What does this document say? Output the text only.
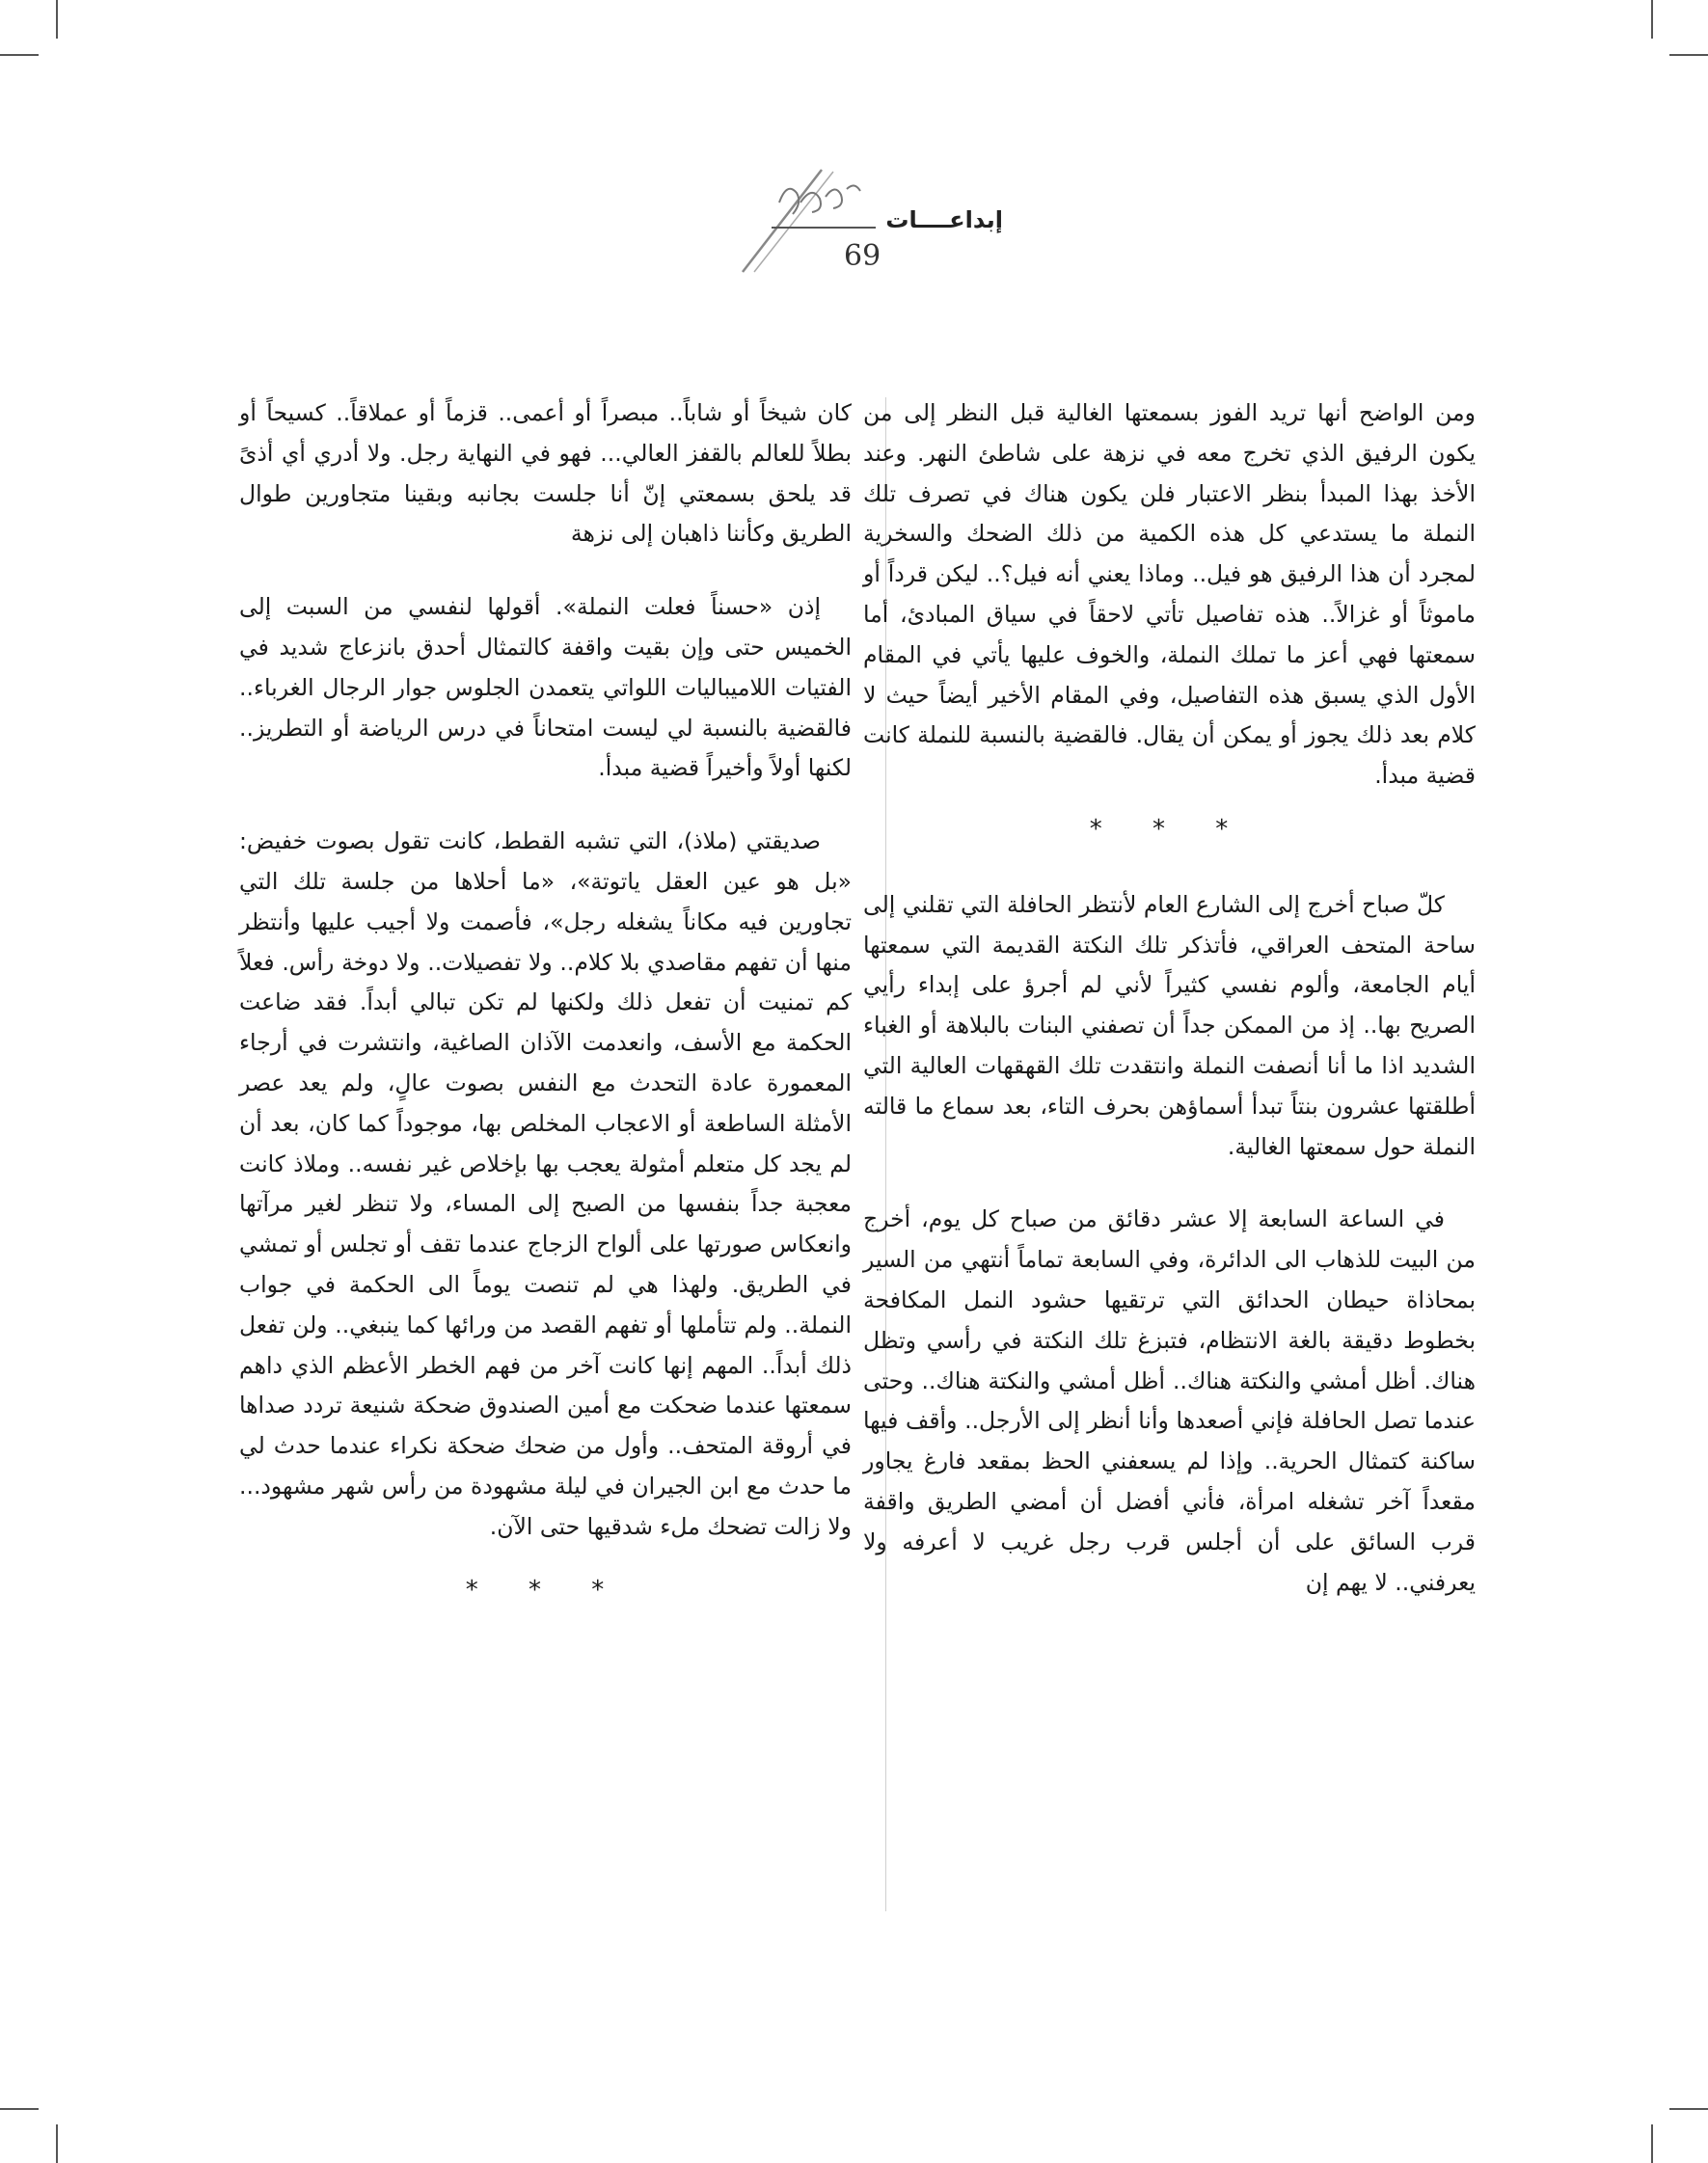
إبداعــــات
69

ومن الواضح أنها تريد الفوز بسمعتها الغالية قبل النظر إلى من يكون الرفيق الذي تخرج معه في نزهة على شاطئ النهر. وعند الأخذ بهذا المبدأ بنظر الاعتبار فلن يكون هناك في تصرف تلك النملة ما يستدعي كل هذه الكمية من ذلك الضحك والسخرية لمجرد أن هذا الرفيق هو فيل.. وماذا يعني أنه فيل؟.. ليكن قرداً أو ماموثاً أو غزالاً.. هذه تفاصيل تأتي لاحقاً في سياق المبادئ، أما سمعتها فهي أعز ما تملك النملة، والخوف عليها يأتي في المقام الأول الذي يسبق هذه التفاصيل، وفي المقام الأخير أيضاً حيث لا كلام بعد ذلك يجوز أو يمكن أن يقال. فالقضية بالنسبة للنملة كانت قضية مبدأ.

* * *

كلّ صباح أخرج إلى الشارع العام لأنتظر الحافلة التي تقلني إلى ساحة المتحف العراقي، فأتذكر تلك النكتة القديمة التي سمعتها أيام الجامعة، وألوم نفسي كثيراً لأني لم أجرؤ على إبداء رأيي الصريح بها.. إذ من الممكن جداً أن تصفني البنات بالبلاهة أو الغباء الشديد اذا ما أنا أنصفت النملة وانتقدت تلك القهقهات العالية التي أطلقتها عشرون بنتاً تبدأ أسماؤهن بحرف التاء، بعد سماع ما قالته النملة حول سمعتها الغالية.

في الساعة السابعة إلا عشر دقائق من صباح كل يوم، أخرج من البيت للذهاب الى الدائرة، وفي السابعة تماماً أنتهي من السير بمحاذاة حيطان الحدائق التي ترتقيها حشود النمل المكافحة بخطوط دقيقة بالغة الانتظام، فتبزغ تلك النكتة في رأسي وتظل هناك. أظل أمشي والنكتة هناك.. أظل أمشي والنكتة هناك.. وحتى عندما تصل الحافلة فإني أصعدها وأنا أنظر إلى الأرجل.. وأقف فيها ساكنة كتمثال الحرية.. وإذا لم يسعفني الحظ بمقعد فارغ يجاور مقعداً آخر تشغله امرأة، فأني أفضل أن أمضي الطريق واقفة قرب السائق على أن أجلس قرب رجل غريب لا أعرفه ولا يعرفني.. لا يهم إن

كان شيخاً أو شاباً.. مبصراً أو أعمى.. قزماً أو عملاقاً.. كسيحاً أو بطلاً للعالم بالقفز العالي... فهو في النهاية رجل. ولا أدري أي أذىً قد يلحق بسمعتي إنّ أنا جلست بجانبه وبقينا متجاورين طوال الطريق وكأننا ذاهبان إلى نزهة

إذن «حسناً فعلت النملة». أقولها لنفسي من السبت إلى الخميس حتى وإن بقيت واقفة كالتمثال أحدق بانزعاج شديد في الفتيات اللاميباليات اللواتي يتعمدن الجلوس جوار الرجال الغرباء.. فالقضية بالنسبة لي ليست امتحاناً في درس الرياضة أو التطريز.. لكنها أولاً وأخيراً قضية مبدأ.

صديقتي (ملاذ)، التي تشبه القطط، كانت تقول بصوت خفيض: «بل هو عين العقل ياتوتة»، «ما أحلاها من جلسة تلك التي تجاورين فيه مكاناً يشغله رجل»، فأصمت ولا أجيب عليها وأنتظر منها أن تفهم مقاصدي بلا كلام.. ولا تفصيلات.. ولا دوخة رأس. فعلاً كم تمنيت أن تفعل ذلك ولكنها لم تكن تبالي أبداً. فقد ضاعت الحكمة مع الأسف، وانعدمت الآذان الصاغية، وانتشرت في أرجاء المعمورة عادة التحدث مع النفس بصوت عالٍ، ولم يعد عصر الأمثلة الساطعة أو الاعجاب المخلص بها، موجوداً كما كان، بعد أن لم يجد كل متعلم أمثولة يعجب بها بإخلاص غير نفسه.. وملاذ كانت معجبة جداً بنفسها من الصبح إلى المساء، ولا تنظر لغير مرآتها وانعكاس صورتها على ألواح الزجاج عندما تقف أو تجلس أو تمشي في الطريق. ولهذا هي لم تنصت يوماً الى الحكمة في جواب النملة.. ولم تتأملها أو تفهم القصد من ورائها كما ينبغي.. ولن تفعل ذلك أبداً.. المهم إنها كانت آخر من فهم الخطر الأعظم الذي داهم سمعتها عندما ضحكت مع أمين الصندوق ضحكة شنيعة تردد صداها في أروقة المتحف.. وأول من ضحك ضحكة نكراء عندما حدث لي ما حدث مع ابن الجيران في ليلة مشهودة من رأس شهر مشهود... ولا زالت تضحك ملء شدقيها حتى الآن.

* * *
